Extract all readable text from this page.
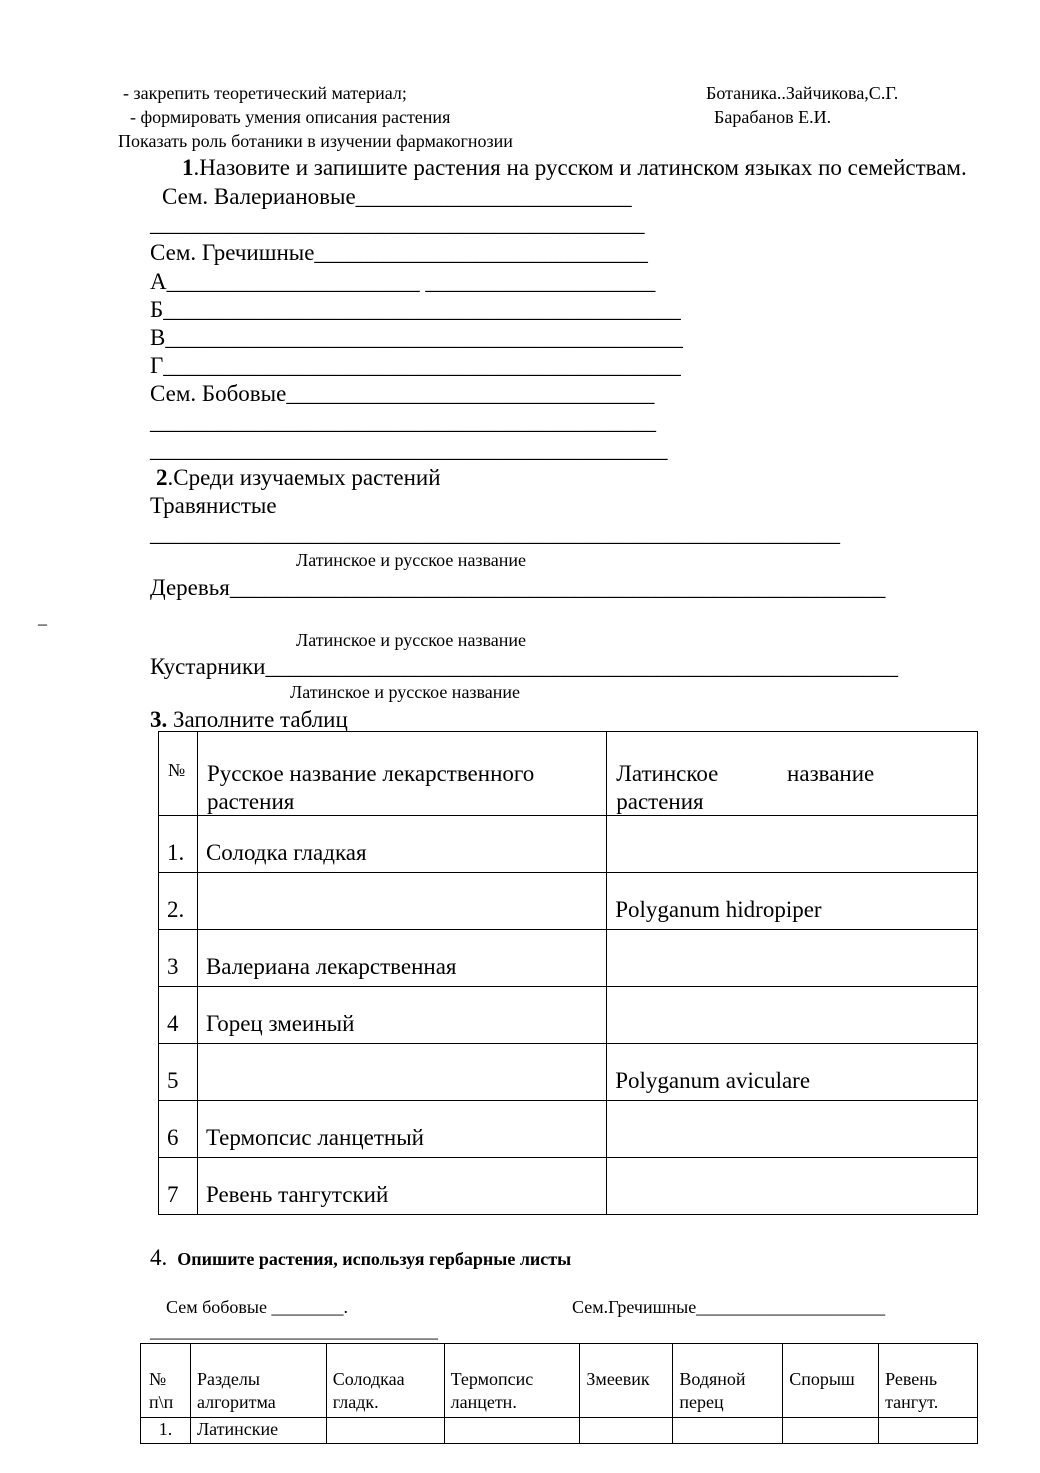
- закрепить теоретический материал;	Ботаника..Зайчикова,С.Г.
- формировать умения описания растения	Барабанов Е.И.
Показать роль ботаники в изучении фармакогнозии
1.Назовите и запишите растения на русском и латинском языках по семействам.
Сем. Валериановые________________________
___________________________________________
Сем. Гречишные_____________________________
А______________________ ____________________
Б_____________________________________________
В_____________________________________________
Г_____________________________________________
Сем. Бобовые________________________________
____________________________________________
_____________________________________________
2.Среди изучаемых растений
Травянистые
____________________________________________________________
Латинское и русское название
Деревья_________________________________________________________
_
Латинское и русское название
Кустарники_______________________________________________________
Латинское и русское название
3. Заполните таблиц
№	Русское название лекарственного растения	Латинское название
растения

1.	Солодка гладкая	
2.		Polyganum hidropiper
3	Валериана лекарственная	
4	Горец змеиный	
5		Polyganum aviculare
6	Термопсис ланцетный	
7	Ревень тангутский	
4. Опишите растения, используя гербарные листы
Сем бобовые ________.	Сем.Гречишные_____________________
________________________________
№ п\п	Разделы алгоритма	Солодкаа гладк.	Термопсис ланцетн.	Змеевик	Водяной перец	Спорыш	Ревень тангут.
1.	Латинские						
